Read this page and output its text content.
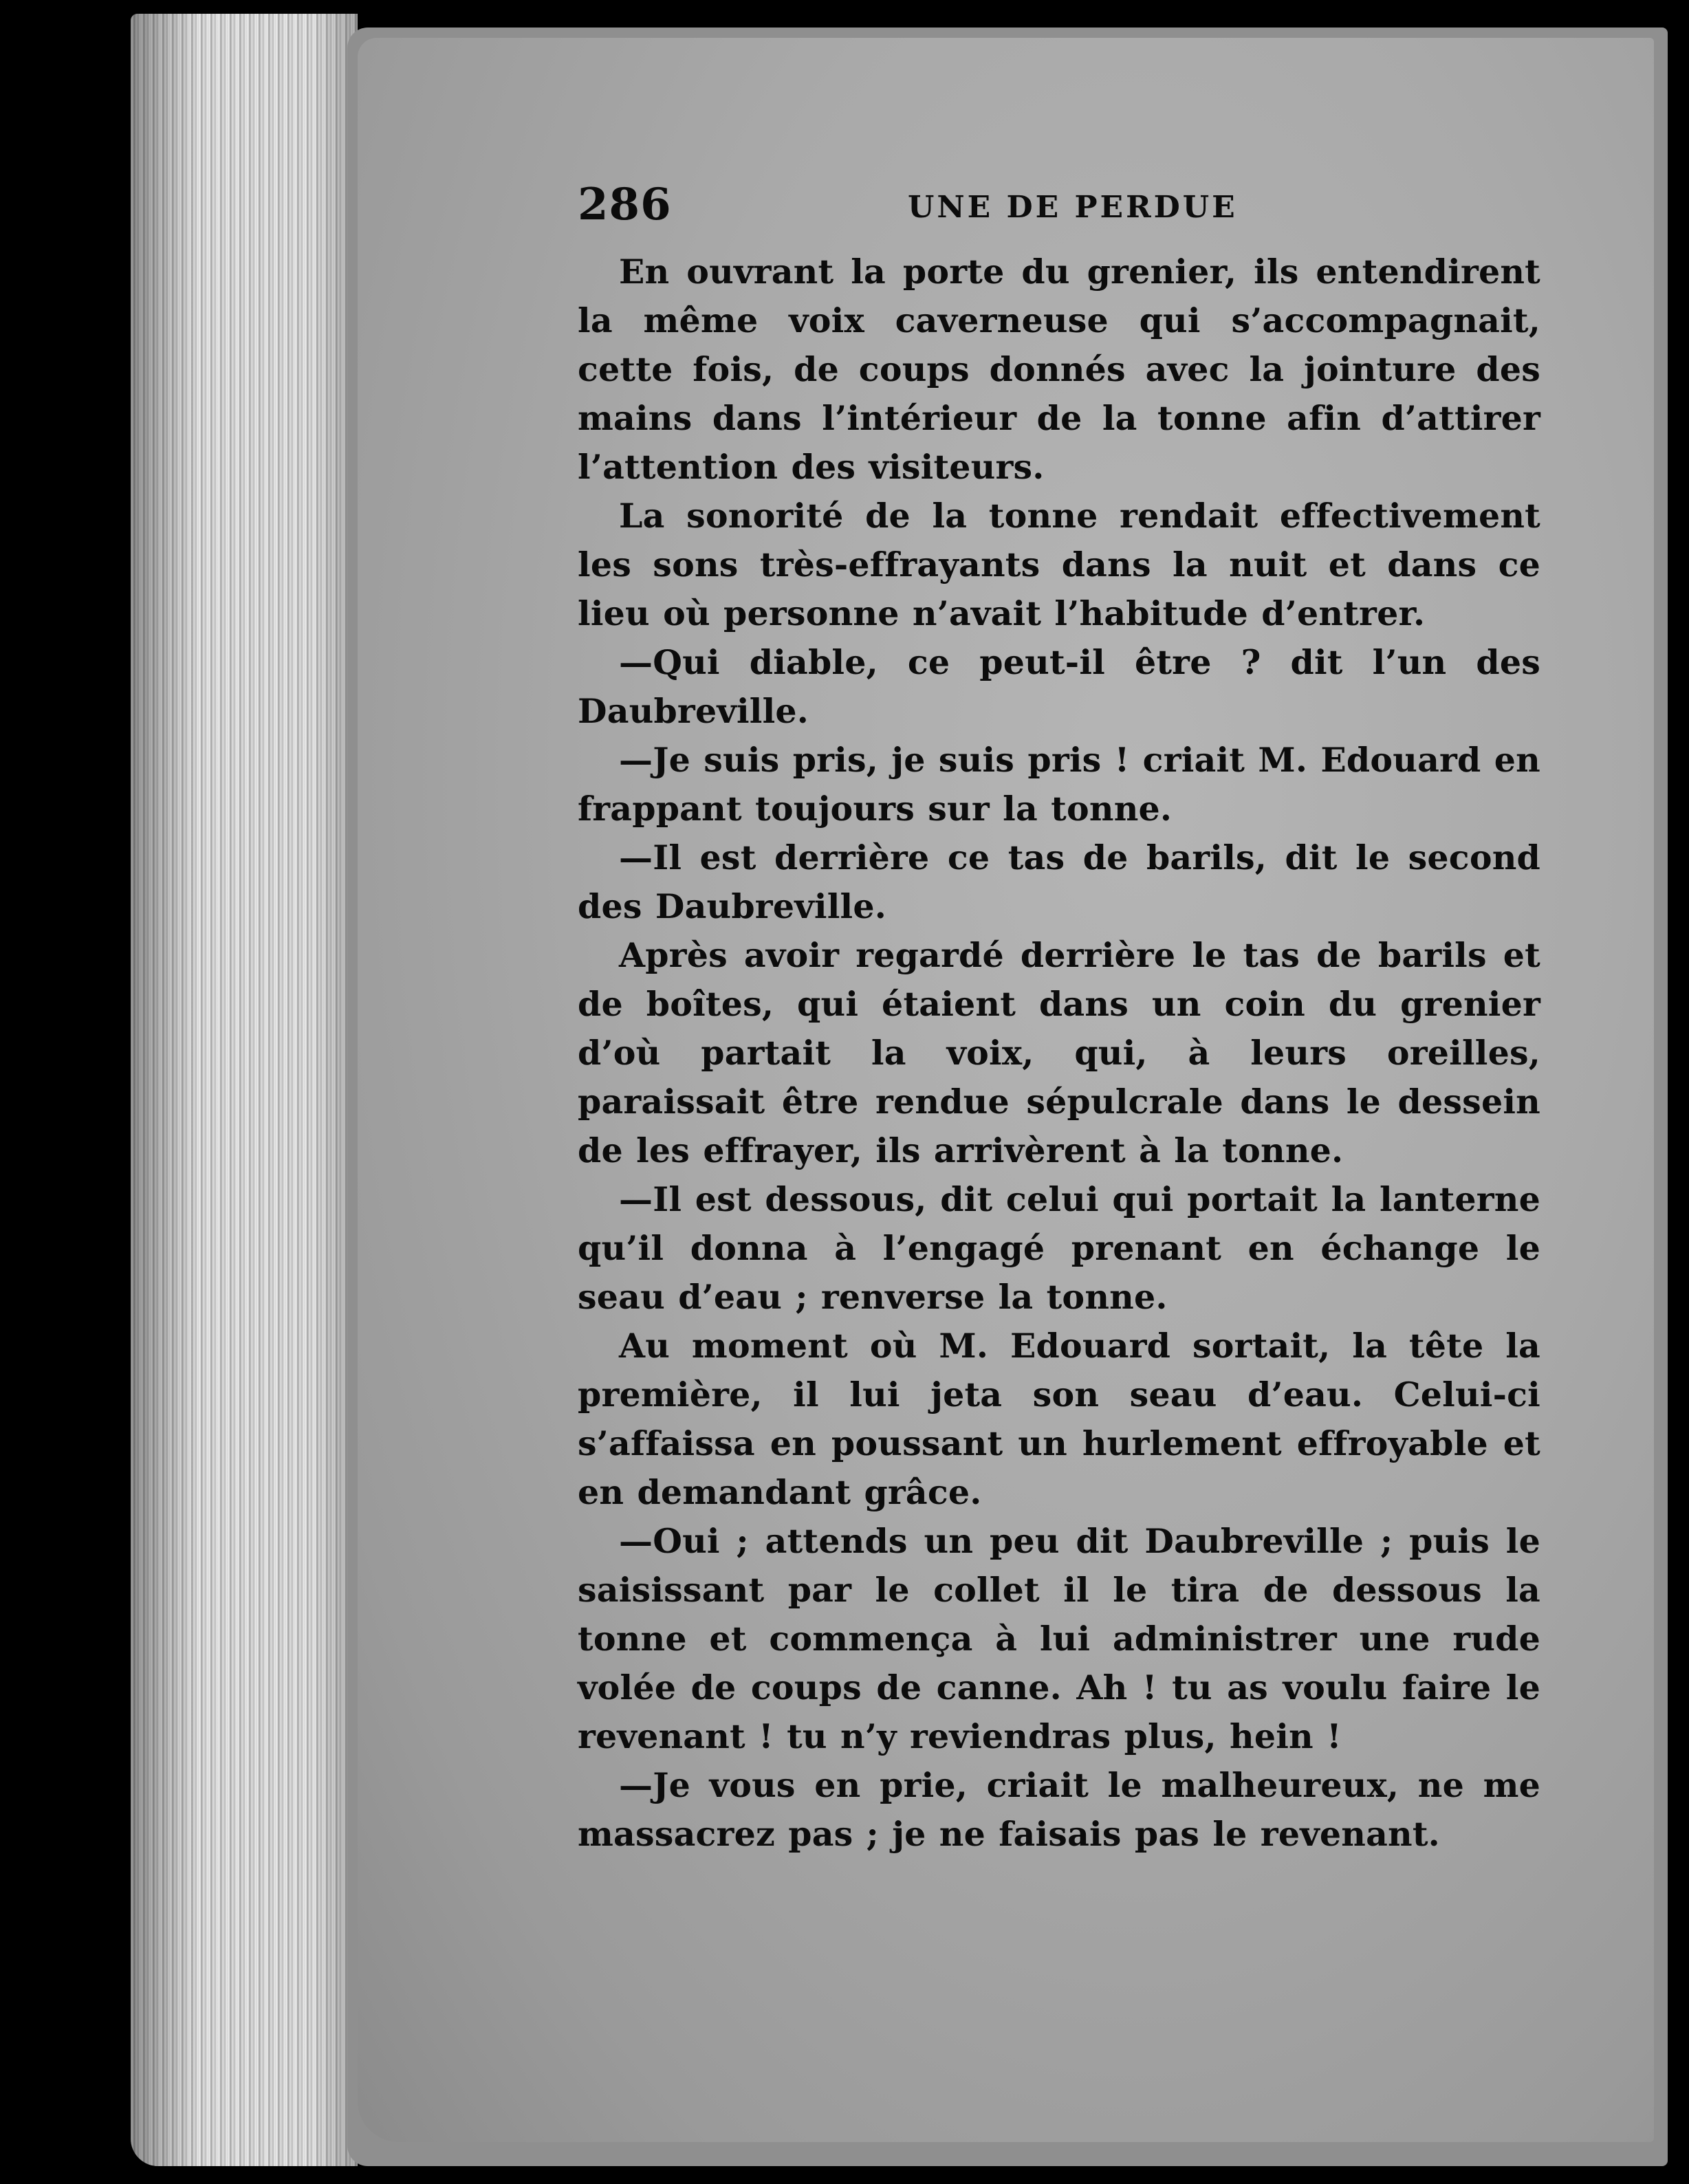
286	UNE DE PERDUE

En ouvrant la porte du grenier, ils entendirent la même voix caverneuse qui s’accompagnait, cette fois, de coups donnés avec la jointure des mains dans l’intérieur de la tonne afin d’attirer l’attention des visiteurs.

La sonorité de la tonne rendait effectivement les sons très-effrayants dans la nuit et dans ce lieu où personne n’avait l’habitude d’entrer.

—Qui diable, ce peut-il être ? dit l’un des Daubreville.

—Je suis pris, je suis pris ! criait M. Edouard en frappant toujours sur la tonne.

—Il est derrière ce tas de barils, dit le second des Daubreville.

Après avoir regardé derrière le tas de barils et de boîtes, qui étaient dans un coin du grenier d’où partait la voix, qui, à leurs oreilles, paraissait être rendue sépulcrale dans le dessein de les effrayer, ils arrivèrent à la tonne.

—Il est dessous, dit celui qui portait la lanterne qu’il donna à l’engagé prenant en échange le seau d’eau ; renverse la tonne.

Au moment où M. Edouard sortait, la tête la première, il lui jeta son seau d’eau. Celui-ci s’affaissa en poussant un hurlement effroyable et en demandant grâce.

—Oui ; attends un peu dit Daubreville ; puis le saisissant par le collet il le tira de dessous la tonne et commença à lui administrer une rude volée de coups de canne. Ah ! tu as voulu faire le revenant ! tu n’y reviendras plus, hein !

—Je vous en prie, criait le malheureux, ne me massacrez pas ; je ne faisais pas le revenant.
